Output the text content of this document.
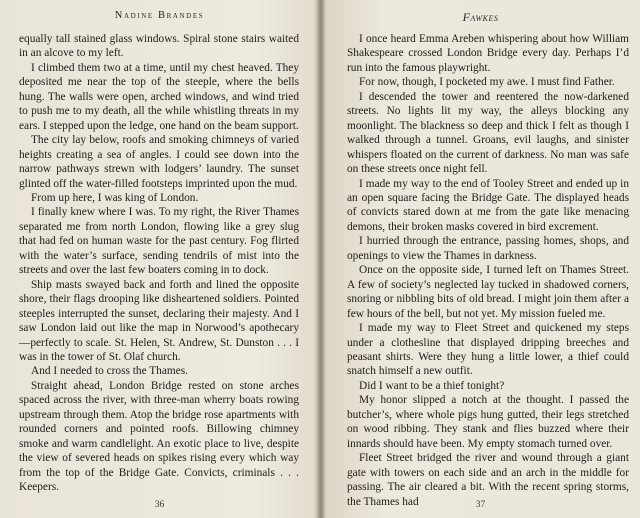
Nadine Brandes

equally tall stained glass windows. Spiral stone stairs waited in an alcove to my left.

I climbed them two at a time, until my chest heaved. They deposited me near the top of the steeple, where the bells hung. The walls were open, arched windows, and wind tried to push me to my death, all the while whistling threats in my ears. I stepped upon the ledge, one hand on the beam support.

The city lay below, roofs and smoking chimneys of varied heights creating a sea of angles. I could see down into the narrow pathways strewn with lodgers’ laundry. The sunset glinted off the water-filled footsteps imprinted upon the mud.

From up here, I was king of London.

I finally knew where I was. To my right, the River Thames separated me from north London, flowing like a grey slug that had fed on human waste for the past century. Fog flirted with the water’s surface, sending tendrils of mist into the streets and over the last few boaters coming in to dock.

Ship masts swayed back and forth and lined the opposite shore, their flags drooping like disheartened soldiers. Pointed steeples interrupted the sunset, declaring their majesty. And I saw London laid out like the map in Norwood’s apothecary—perfectly to scale. St. Helen, St. Andrew, St. Dunston . . . I was in the tower of St. Olaf church.

And I needed to cross the Thames.

Straight ahead, London Bridge rested on stone arches spaced across the river, with three-man wherry boats rowing upstream through them. Atop the bridge rose apartments with rounded corners and pointed roofs. Billowing chimney smoke and warm candlelight. An exotic place to live, despite the view of severed heads on spikes rising every which way from the top of the Bridge Gate. Convicts, criminals . . . Keepers.

36
Fawkes

I once heard Emma Areben whispering about how William Shakespeare crossed London Bridge every day. Perhaps I’d run into the famous playwright.

For now, though, I pocketed my awe. I must find Father.

I descended the tower and reentered the now-darkened streets. No lights lit my way, the alleys blocking any moonlight. The blackness so deep and thick I felt as though I walked through a tunnel. Groans, evil laughs, and sinister whispers floated on the current of darkness. No man was safe on these streets once night fell.

I made my way to the end of Tooley Street and ended up in an open square facing the Bridge Gate. The displayed heads of convicts stared down at me from the gate like menacing demons, their broken masks covered in bird excrement.

I hurried through the entrance, passing homes, shops, and openings to view the Thames in darkness.

Once on the opposite side, I turned left on Thames Street. A few of society’s neglected lay tucked in shadowed corners, snoring or nibbling bits of old bread. I might join them after a few hours of the bell, but not yet. My mission fueled me.

I made my way to Fleet Street and quickened my steps under a clothesline that displayed dripping breeches and peasant shirts. Were they hung a little lower, a thief could snatch himself a new outfit.

Did I want to be a thief tonight?

My honor slipped a notch at the thought. I passed the butcher’s, where whole pigs hung gutted, their legs stretched on wood ribbing. They stank and flies buzzed where their innards should have been. My empty stomach turned over.

Fleet Street bridged the river and wound through a giant gate with towers on each side and an arch in the middle for passing. The air cleared a bit. With the recent spring storms, the Thames had	37
